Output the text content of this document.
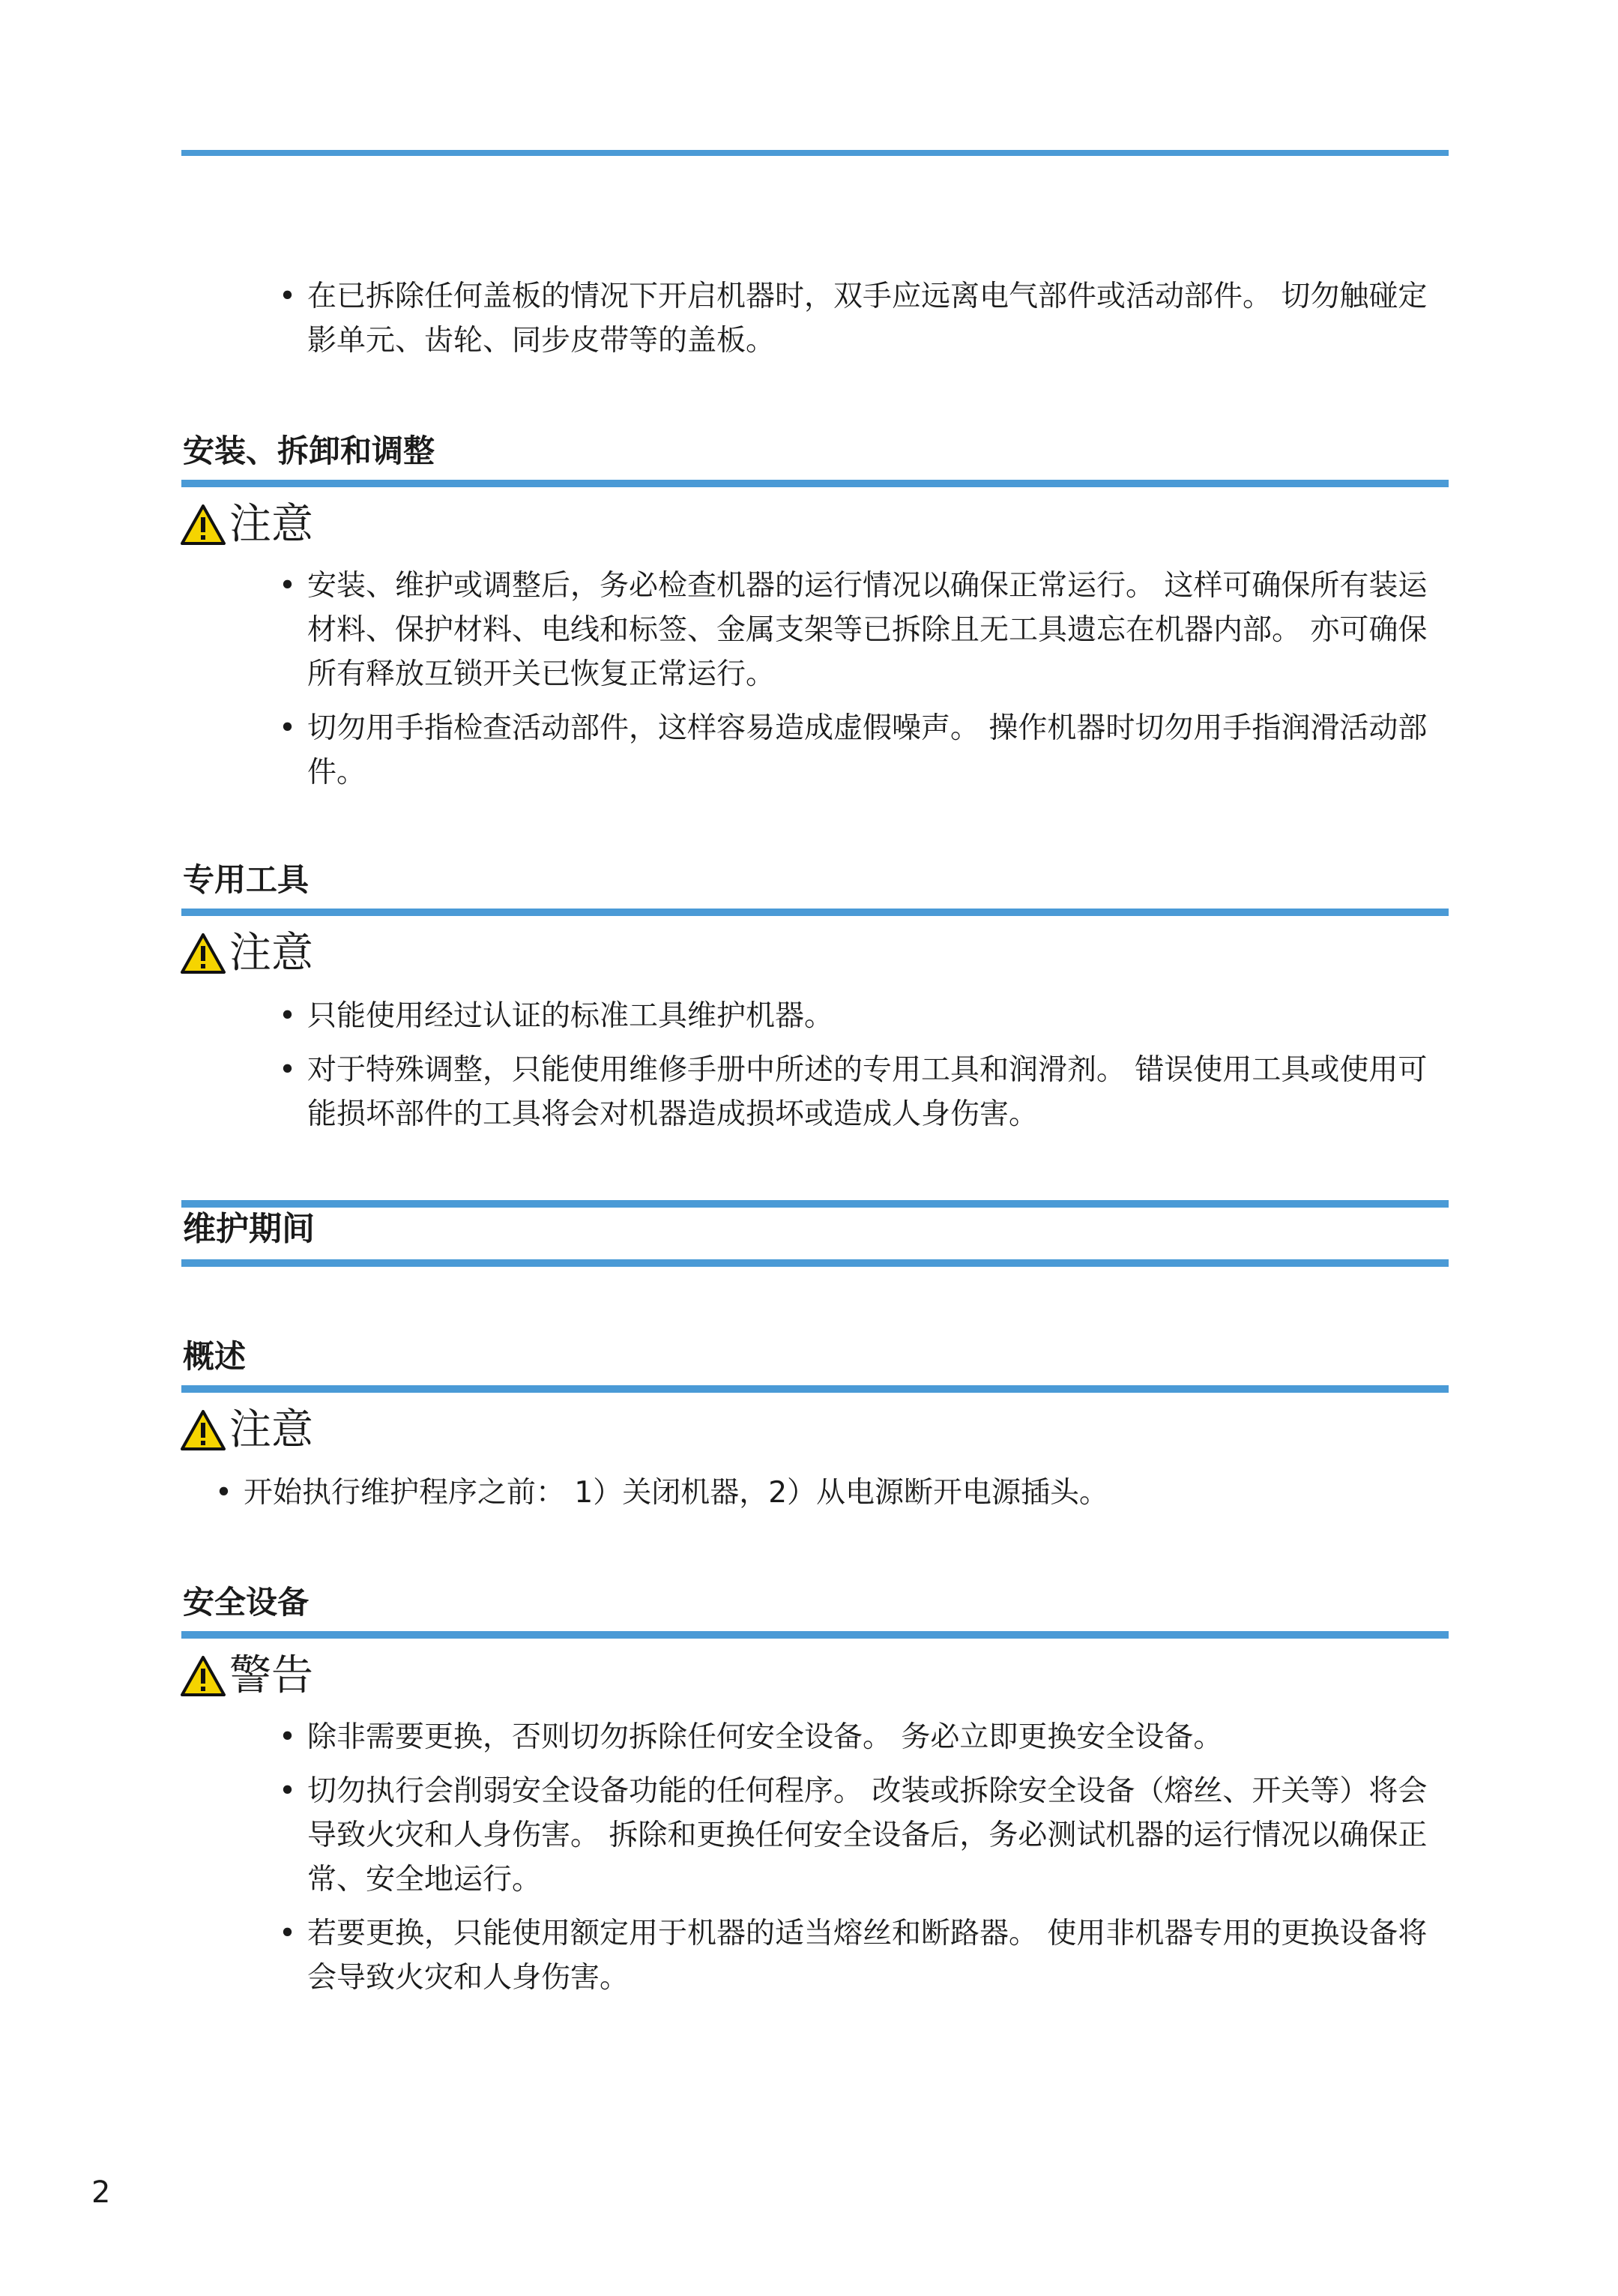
• 在已拆除任何盖板的情况下开启机器时，双手应远离电气部件或活动部件。 切勿触碰定影单元、齿轮、同步皮带等的盖板。
安装、拆卸和调整
注意
• 安装、维护或调整后，务必检查机器的运行情况以确保正常运行。 这样可确保所有装运材料、保护材料、电线和标签、金属支架等已拆除且无工具遗忘在机器内部。 亦可确保所有释放互锁开关已恢复正常运行。
• 切勿用手指检查活动部件，这样容易造成虚假噪声。 操作机器时切勿用手指润滑活动部件。
专用工具
注意
• 只能使用经过认证的标准工具维护机器。
• 对于特殊调整，只能使用维修手册中所述的专用工具和润滑剂。 错误使用工具或使用可能损坏部件的工具将会对机器造成损坏或造成人身伤害。
维护期间
概述
注意
• 开始执行维护程序之前： 1）关闭机器，2）从电源断开电源插头。
安全设备
警告
• 除非需要更换，否则切勿拆除任何安全设备。 务必立即更换安全设备。
• 切勿执行会削弱安全设备功能的任何程序。 改装或拆除安全设备（熔丝、开关等）将会导致火灾和人身伤害。 拆除和更换任何安全设备后，务必测试机器的运行情况以确保正常、安全地运行。
• 若要更换，只能使用额定用于机器的适当熔丝和断路器。 使用非机器专用的更换设备将会导致火灾和人身伤害。
2
